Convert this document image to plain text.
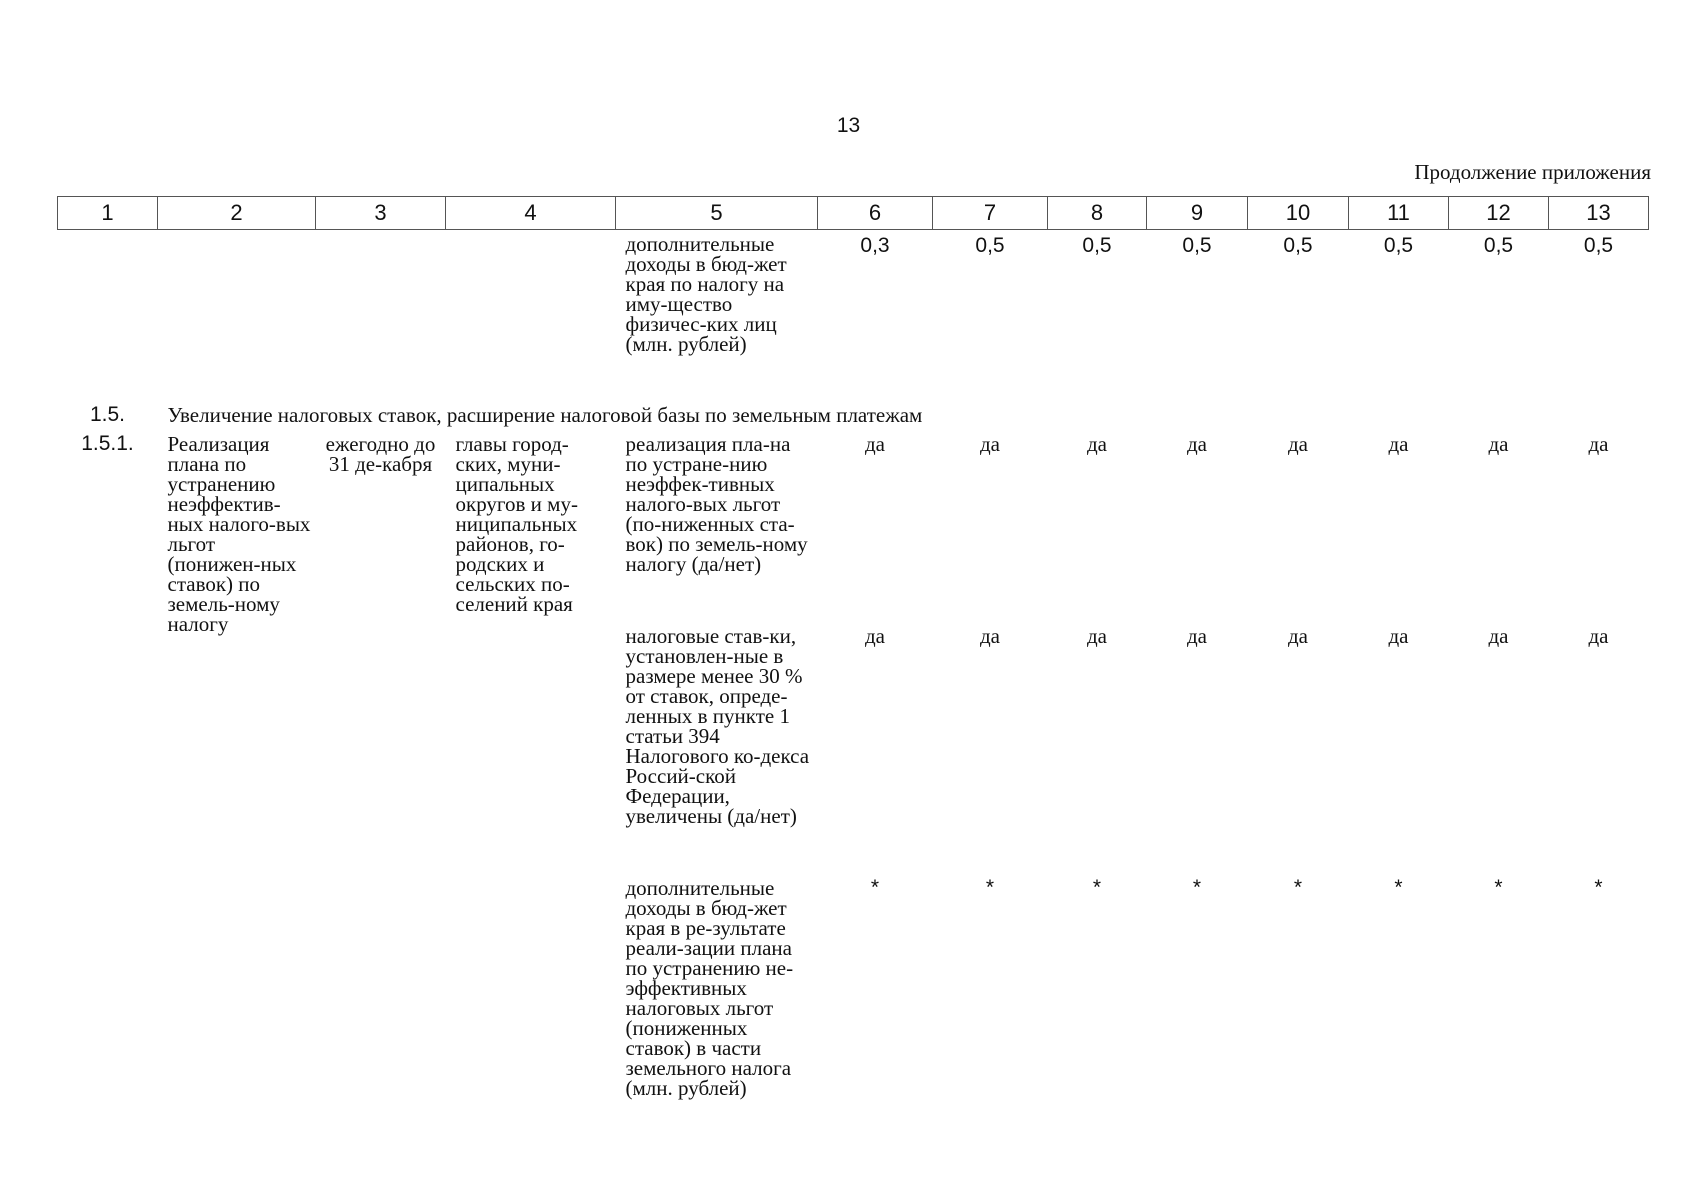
13
Продолжение приложения
1	2	3	4	5	6	7	8	9	10	11	12	13
				дополнительные доходы в бюд-жет края по налогу на иму-щество физичес-ких лиц (млн. рублей)	0,3	0,5	0,5	0,5	0,5	0,5	0,5	0,5
1.5.	Увеличение налоговых ставок, расширение налоговой базы по земельным платежам											
1.5.1.	Реализация плана по устранению неэффектив-ных налого-вых льгот (понижен-ных ставок) по земель-ному налогу	ежегодно до 31 де-кабря	главы город-ских, муни-ципальных округов и му-ниципальных районов, го-родских и сельских по-селений края	реализация пла-на по устране-нию неэффек-тивных налого-вых льгот (по-ниженных ста-вок) по земель-ному налогу (да/нет)	да	да	да	да	да	да	да	да
				налоговые став-ки, установлен-ные в размере менее 30 % от ставок, опреде-ленных в пункте 1 статьи 394 Налогового ко-декса Россий-ской Федерации, увеличены (да/нет)	да	да	да	да	да	да	да	да
				дополнительные доходы в бюд-жет края в ре-зультате реали-зации плана по устранению не-эффективных налоговых льгот (пониженных ставок) в части земельного налога (млн. рублей)	*	*	*	*	*	*	*	*
